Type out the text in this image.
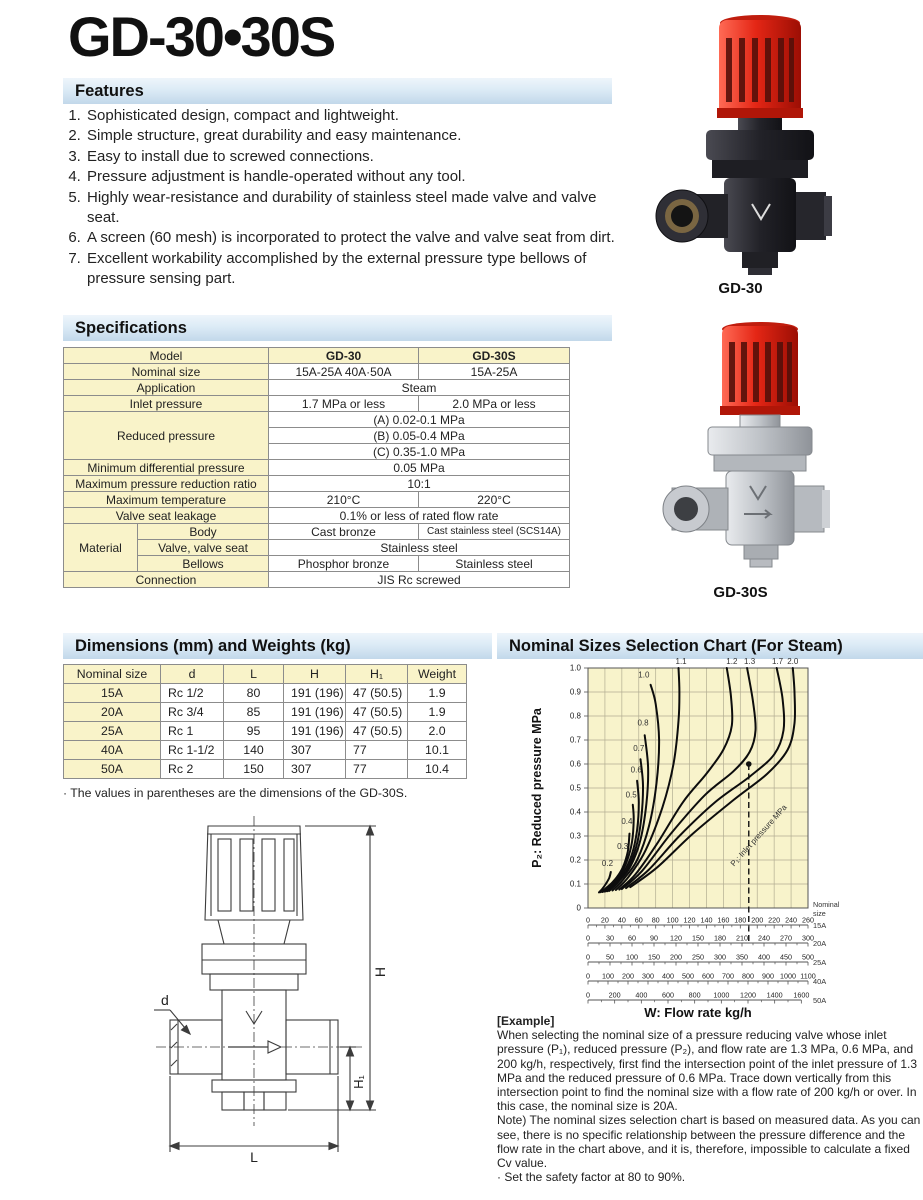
GD-30•30S
GD-30
GD-30S
Features
1. Sophisticated design, compact and lightweight.
2. Simple structure, great durability and easy maintenance.
3. Easy to install due to screwed connections.
4. Pressure adjustment is handle-operated without any tool.
5. Highly wear-resistance and durability of stainless steel made valve and valve seat.
6. A screen (60 mesh) is incorporated to protect the valve and valve seat from dirt.
7. Excellent workability accomplished by the external pressure type bellows of pressure sensing part.
Specifications
Model		GD-30	GD-30S
Nominal size		15A-25A 40A·50A	15A-25A
Application		Steam	
Inlet pressure		1.7 MPa or less	2.0 MPa or less
Reduced pressure		(A) 0.02-0.1 MPa	
		(B) 0.05-0.4 MPa	
		(C) 0.35-1.0 MPa	
Minimum differential pressure		0.05 MPa	
Maximum pressure reduction ratio		10:1	
Maximum temperature		210°C	220°C
Valve seat leakage		0.1% or less of rated flow rate	
Material	Body	Cast bronze	Cast stainless steel (SCS14A)
	Valve, valve seat	Stainless steel	
	Bellows	Phosphor bronze	Stainless steel
Connection		JIS Rc screwed	
Dimensions (mm) and Weights (kg)
Nominal size	d	L	H	H₁	Weight
15A	Rc 1/2	80	191 (196)	47 (50.5)	1.9
20A	Rc 3/4	85	191 (196)	47 (50.5)	1.9
25A	Rc 1	95	191 (196)	47 (50.5)	2.0
40A	Rc 1-1/2	140	307	77	10.1
50A	Rc 2	150	307	77	10.4
· The values in parentheses are the dimensions of the GD-30S.
d
H
H₁
L
Nominal Sizes Selection Chart (For Steam)
0
0.1
0.2
0.3
0.4
0.5
0.6
0.7
0.8
0.9
1.0
0.2
0.3
0.4
0.5
0.6
0.7
0.8
1.0
1.1	1.2 1.3 1.7 2.0
P₁: Inlet pressure MPa
0 20 40 60 80 100 120 140 160 180 200 220 240 260
15A
0 30 60 90 120 150 180 210 240 270 300
20A
0 50 100 150 200 250 300 350 400 450 500
25A
0 100 200 300 400 500 600 700 800 900 1000 1100
40A
0	200 400 600 800 1000 1200 1400 1600
50A
Nominal
size
W: Flow rate kg/h
P₂: Reduced pressure MPa

[Example]

When selecting the nominal size of a pressure reducing valve whose inlet pressure (P₁), reduced pressure (P₂), and flow rate are 1.3 MPa, 0.6 MPa, and 200 kg/h, respectively, first find the intersection point of the inlet pressure of 1.3 MPa and the reduced pressure of 0.6 MPa. Trace down vertically from this intersection point to find the nominal size with a flow rate of 200 kg/h or over. In this case, the nominal size is 20A.

Note) The nominal sizes selection chart is based on measured data. As you can see, there is no specific relationship between the pressure difference and the flow rate in the chart above, and it is, therefore, impossible to calculate a fixed Cv value.

· Set the safety factor at 80 to 90%.
